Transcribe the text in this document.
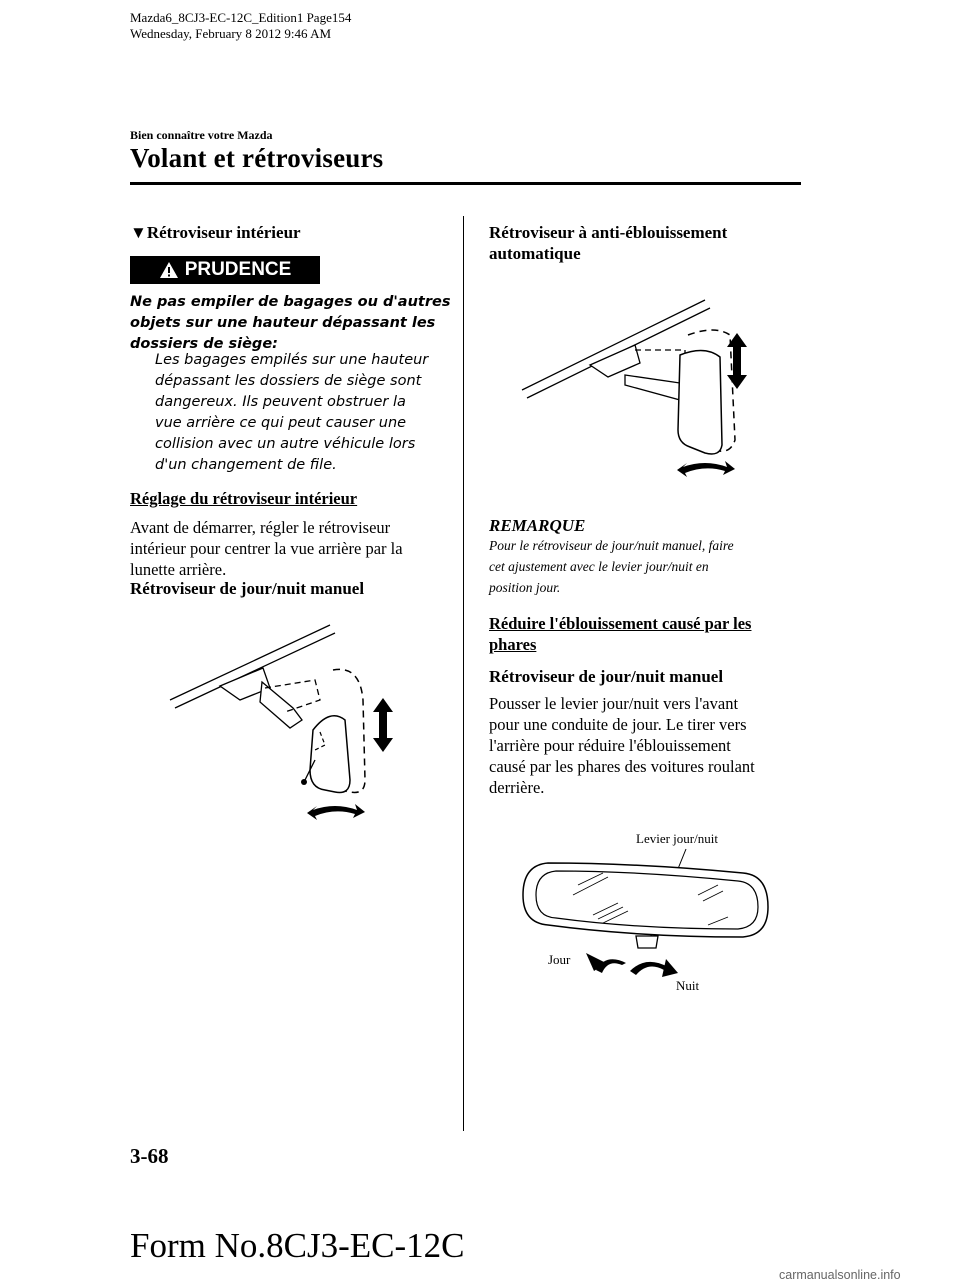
Mazda6_8CJ3-EC-12C_Edition1 Page154
Wednesday, February 8 2012 9:46 AM
Bien connaître votre Mazda
Volant et rétroviseurs
▼Rétroviseur intérieur
PRUDENCE
Ne pas empiler de bagages ou d'autres
objets sur une hauteur dépassant les
dossiers de siège:
Les bagages empilés sur une hauteur
dépassant les dossiers de siège sont
dangereux. Ils peuvent obstruer la
vue arrière ce qui peut causer une
collision avec un autre véhicule lors
d'un changement de file.
Réglage du rétroviseur intérieur
Avant de démarrer, régler le rétroviseur
intérieur pour centrer la vue arrière par la
lunette arrière.
Rétroviseur de jour/nuit manuel
Rétroviseur à anti-éblouissement
automatique
REMARQUE
Pour le rétroviseur de jour/nuit manuel, faire
cet ajustement avec le levier jour/nuit en
position jour.
Réduire l'éblouissement causé par les
phares
Rétroviseur de jour/nuit manuel
Pousser le levier jour/nuit vers l'avant
pour une conduite de jour. Le tirer vers
l'arrière pour réduire l'éblouissement
causé par les phares des voitures roulant
derrière.
Levier jour/nuit
Jour
Nuit
3-68
Form No.8CJ3-EC-12C
carmanualsonline.info
